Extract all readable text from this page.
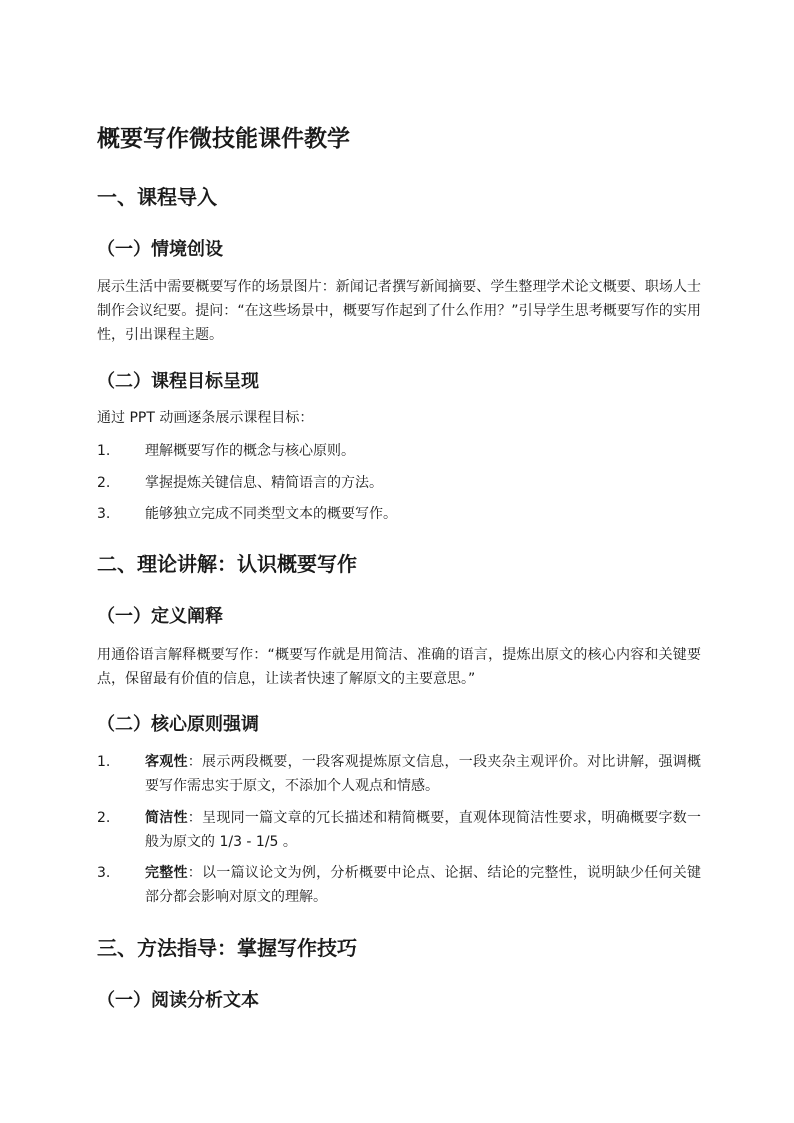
概要写作微技能课件教学
一、课程导入
（一）情境创设

展示生活中需要概要写作的场景图片：新闻记者撰写新闻摘要、学生整理学术论文概要、职场人士制作会议纪要。提问：“在这些场景中，概要写作起到了什么作用？”引导学生思考概要写作的实用性，引出课程主题。

（二）课程目标呈现

通过 PPT 动画逐条展示课程目标：

1. 理解概要写作的概念与核心原则。
2. 掌握提炼关键信息、精简语言的方法。
3. 能够独立完成不同类型文本的概要写作。
二、理论讲解：认识概要写作
（一）定义阐释

用通俗语言解释概要写作：“概要写作就是用简洁、准确的语言，提炼出原文的核心内容和关键要点，保留最有价值的信息，让读者快速了解原文的主要意思。”

（二）核心原则强调
1. 客观性：展示两段概要，一段客观提炼原文信息，一段夹杂主观评价。对比讲解，强调概要写作需忠实于原文，不添加个人观点和情感。
2. 简洁性：呈现同一篇文章的冗长描述和精简概要，直观体现简洁性要求，明确概要字数一般为原文的 1/3 - 1/5 。
3. 完整性：以一篇议论文为例，分析概要中论点、论据、结论的完整性，说明缺少任何关键部分都会影响对原文的理解。
三、方法指导：掌握写作技巧
（一）阅读分析文本
